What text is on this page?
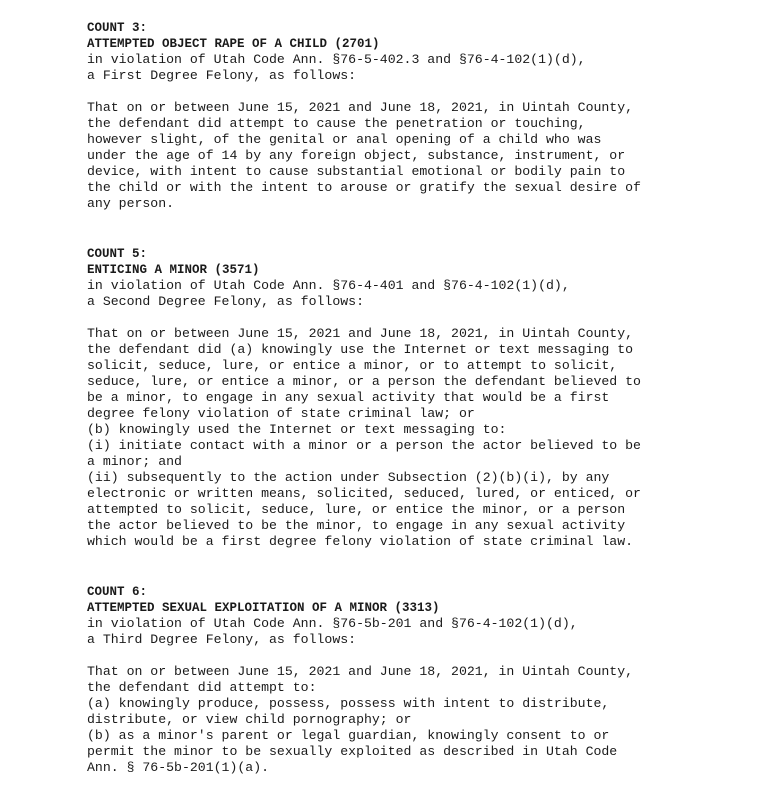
COUNT 3:

ATTEMPTED OBJECT RAPE OF A CHILD (2701)

in violation of Utah Code Ann. §76-5-402.3 and §76-4-102(1)(d),

a First Degree Felony, as follows:

That on or between June 15, 2021 and June 18, 2021, in Uintah County,

the defendant did attempt to cause the penetration or touching,

however slight, of the genital or anal opening of a child who was

under the age of 14 by any foreign object, substance, instrument, or

device, with intent to cause substantial emotional or bodily pain to

the child or with the intent to arouse or gratify the sexual desire of

any person.

COUNT 5:

ENTICING A MINOR (3571)

in violation of Utah Code Ann. §76-4-401 and §76-4-102(1)(d),

a Second Degree Felony, as follows:

That on or between June 15, 2021 and June 18, 2021, in Uintah County,

the defendant did (a) knowingly use the Internet or text messaging to

solicit, seduce, lure, or entice a minor, or to attempt to solicit,

seduce, lure, or entice a minor, or a person the defendant believed to

be a minor, to engage in any sexual activity that would be a first

degree felony violation of state criminal law; or

(b) knowingly used the Internet or text messaging to:

(i) initiate contact with a minor or a person the actor believed to be

a minor; and

(ii) subsequently to the action under Subsection (2)(b)(i), by any

electronic or written means, solicited, seduced, lured, or enticed, or

attempted to solicit, seduce, lure, or entice the minor, or a person

the actor believed to be the minor, to engage in any sexual activity

which would be a first degree felony violation of state criminal law.

COUNT 6:

ATTEMPTED SEXUAL EXPLOITATION OF A MINOR (3313)

in violation of Utah Code Ann. §76-5b-201 and §76-4-102(1)(d),

a Third Degree Felony, as follows:

That on or between June 15, 2021 and June 18, 2021, in Uintah County,

the defendant did attempt to:

(a) knowingly produce, possess, possess with intent to distribute,

distribute, or view child pornography; or

(b) as a minor's parent or legal guardian, knowingly consent to or

permit the minor to be sexually exploited as described in Utah Code

Ann. § 76-5b-201(1)(a).
